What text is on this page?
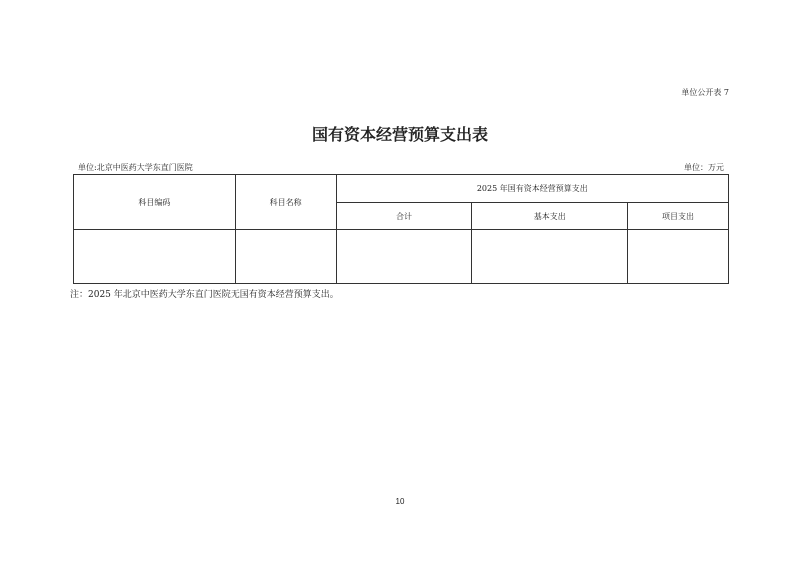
单位公开表 7
国有资本经营预算支出表
单位:北京中医药大学东直门医院	单位：万元
科目编码	科目名称	2025 年国有资本经营预算支出		
		合计	基本支出	项目支出

注：2025 年北京中医药大学东直门医院无国有资本经营预算支出。
10
